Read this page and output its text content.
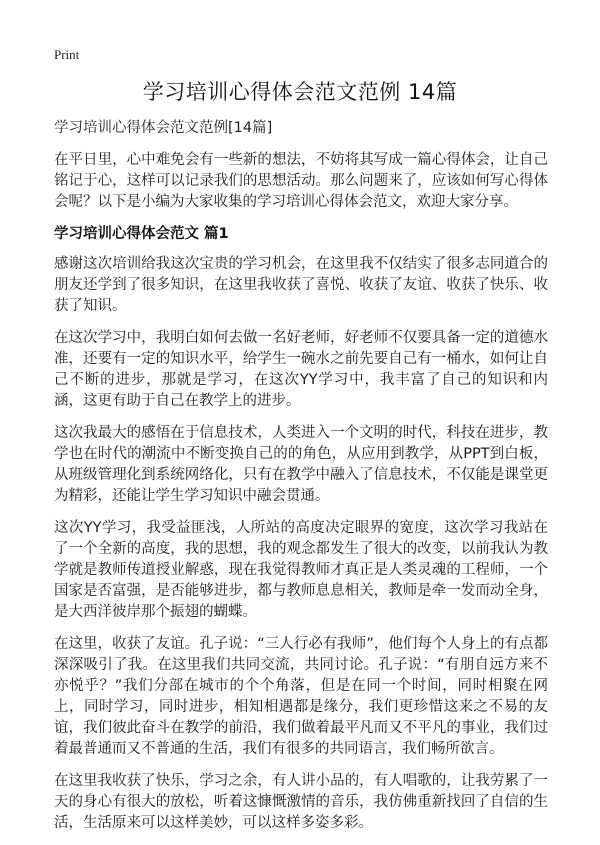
Print
学习培训心得体会范文范例 14篇
学习培训心得体会范文范例[14篇]

在平日里，心中难免会有一些新的想法，不妨将其写成一篇心得体会，让自己铭记于心，这样可以记录我们的思想活动。那么问题来了，应该如何写心得体会呢？以下是小编为大家收集的学习培训心得体会范文，欢迎大家分享。

学习培训心得体会范文 篇1

感谢这次培训给我这次宝贵的学习机会，在这里我不仅结实了很多志同道合的朋友还学到了很多知识，在这里我收获了喜悦、收获了友谊、收获了快乐、收获了知识。

在这次学习中，我明白如何去做一名好老师，好老师不仅要具备一定的道德水准，还要有一定的知识水平，给学生一碗水之前先要自己有一桶水，如何让自己不断的进步，那就是学习，在这次YY学习中，我丰富了自己的知识和内涵，这更有助于自己在教学上的进步。

这次我最大的感悟在于信息技术，人类进入一个文明的时代，科技在进步，教学也在时代的潮流中不断变换自己的的角色，从应用到教学，从PPT到白板，从班级管理化到系统网络化，只有在教学中融入了信息技术，不仅能是课堂更为精彩，还能让学生学习知识中融会贯通。

这次YY学习，我受益匪浅，人所站的高度决定眼界的宽度，这次学习我站在了一个全新的高度，我的思想，我的观念都发生了很大的改变，以前我认为教学就是教师传道授业解惑，现在我觉得教师才真正是人类灵魂的工程师，一个国家是否富强，是否能够进步，都与教师息息相关，教师是牵一发而动全身，是大西洋彼岸那个振翅的蝴蝶。

在这里，收获了友谊。孔子说：“三人行必有我师”，他们每个人身上的有点都深深吸引了我。在这里我们共同交流，共同讨论。孔子说：“有朋自远方来不亦悦乎？”我们分部在城市的个个角落，但是在同一个时间，同时相聚在网上，同时学习，同时进步，相知相遇都是缘分，我们更珍惜这来之不易的友谊，我们彼此奋斗在教学的前沿，我们做着最平凡而又不平凡的事业，我们过着最普通而又不普通的生活，我们有很多的共同语言，我们畅所欲言。

在这里我收获了快乐，学习之余，有人讲小品的，有人唱歌的，让我劳累了一天的身心有很大的放松，听着这慷慨激情的音乐，我仿佛重新找回了自信的生活，生活原来可以这样美妙，可以这样多姿多彩。
